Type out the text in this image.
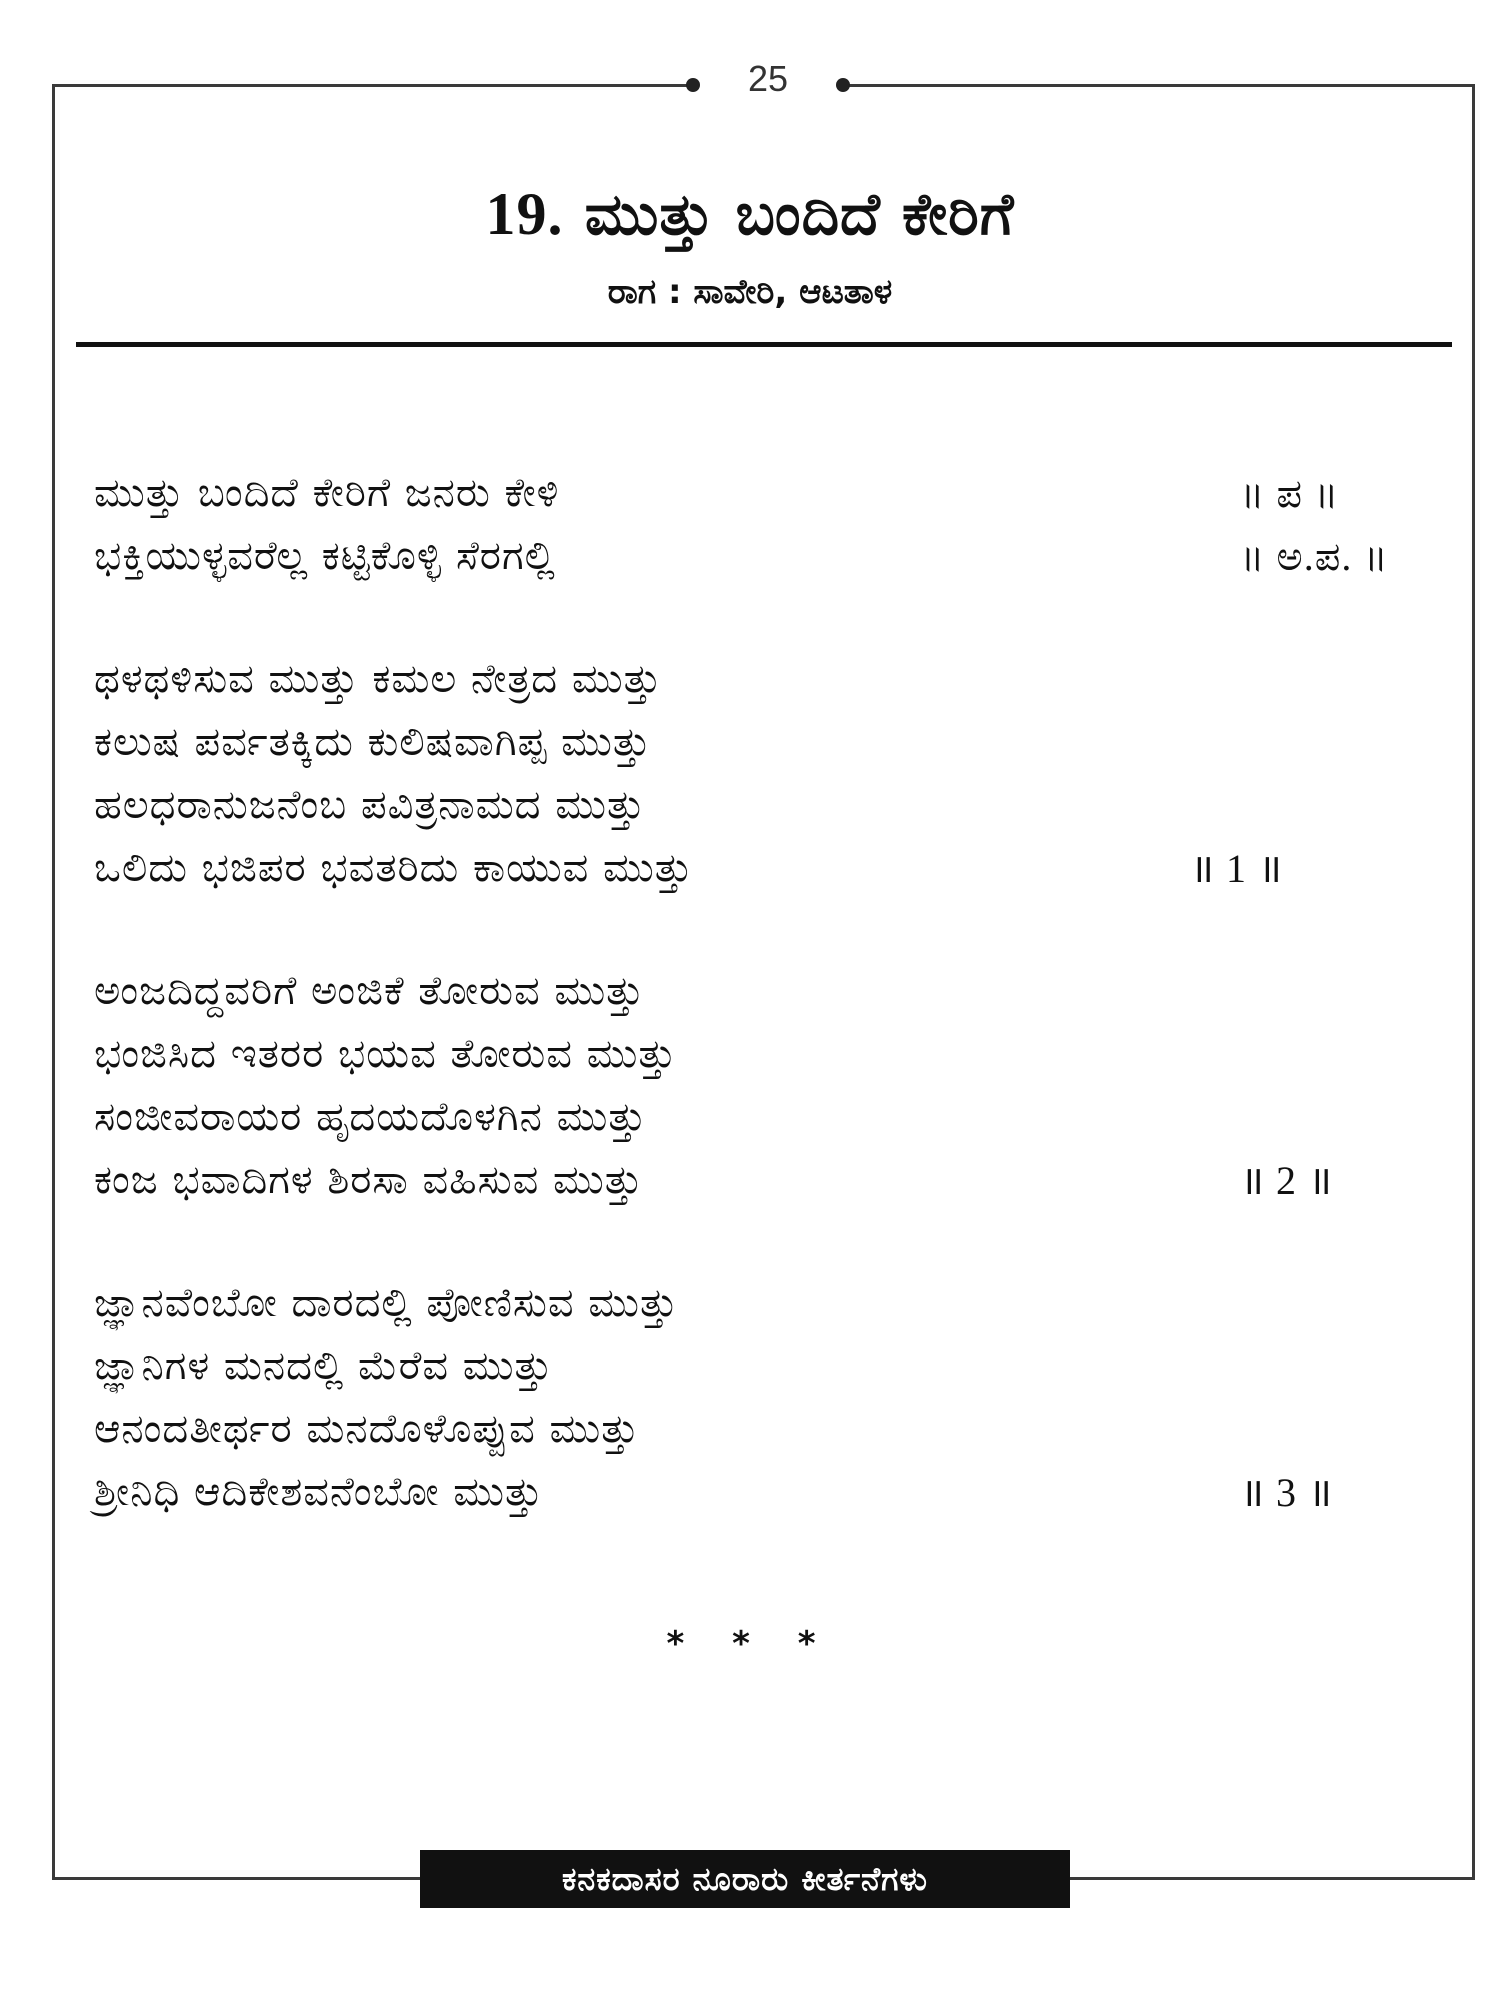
25
19. ಮುತ್ತು ಬಂದಿದೆ ಕೇರಿಗೆ
ರಾಗ : ಸಾವೇರಿ, ಆಟತಾಳ
ಮುತ್ತು ಬಂದಿದೆ ಕೇರಿಗೆ ಜನರು ಕೇಳಿ	॥ ಪ ॥
ಭಕ್ತಿಯುಳ್ಳವರೆಲ್ಲ ಕಟ್ಟಿಕೊಳ್ಳಿ ಸೆರಗಲ್ಲಿ	॥ ಅ.ಪ. ॥
ಥಳಥಳಿಸುವ ಮುತ್ತು ಕಮಲ ನೇತ್ರದ ಮುತ್ತು
ಕಲುಷ ಪರ್ವತಕ್ಕಿದು ಕುಲಿಷವಾಗಿಪ್ಪ ಮುತ್ತು
ಹಲಧರಾನುಜನೆಂಬ ಪವಿತ್ರನಾಮದ ಮುತ್ತು
ಒಲಿದು ಭಜಿಪರ ಭವತರಿದು ಕಾಯುವ ಮುತ್ತು	॥ 1 ॥
ಅಂಜದಿದ್ದವರಿಗೆ ಅಂಜಿಕೆ ತೋರುವ ಮುತ್ತು
ಭಂಜಿಸಿದ ಇತರರ ಭಯವ ತೋರುವ ಮುತ್ತು
ಸಂಜೀವರಾಯರ ಹೃದಯದೊಳಗಿನ ಮುತ್ತು
ಕಂಜ ಭವಾದಿಗಳ ಶಿರಸಾ ವಹಿಸುವ ಮುತ್ತು	॥ 2 ॥
ಜ್ಞಾನವೆಂಬೋ ದಾರದಲ್ಲಿ ಪೋಣಿಸುವ ಮುತ್ತು
ಜ್ಞಾನಿಗಳ ಮನದಲ್ಲಿ ಮೆರೆವ ಮುತ್ತು
ಆನಂದತೀರ್ಥರ ಮನದೊಳೊಪ್ಪುವ ಮುತ್ತು
ಶ್ರೀನಿಧಿ ಆದಿಕೇಶವನೆಂಬೋ ಮುತ್ತು	॥ 3 ॥
* * *
ಕನಕದಾಸರ ನೂರಾರು ಕೀರ್ತನೆಗಳು
